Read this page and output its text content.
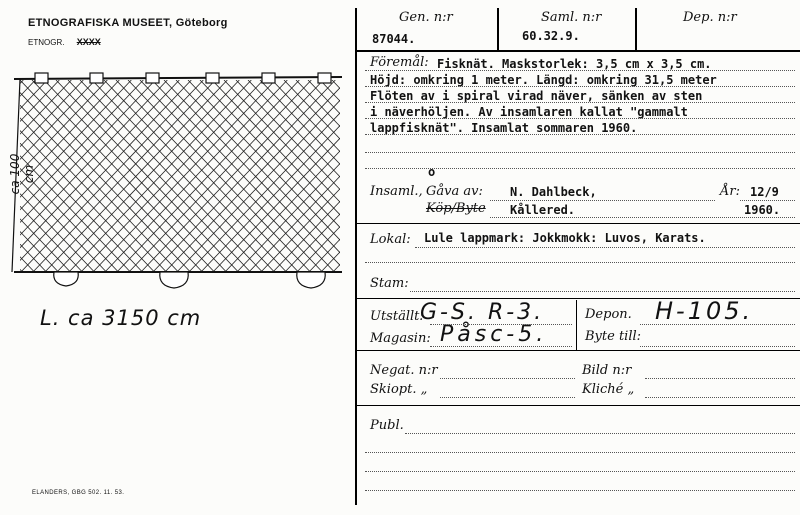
ETNOGRAFISKA MUSEET, Göteborg
ETNOGR. XXXX
ca 100 cm
L. ca 3150 cm
ELANDERS, GBG 502. 11. 53.
Gen. n:r	Saml. n:r	Dep. n:r
87044.	60.32.9.
Föremål: Fisknät. Maskstorlek: 3,5 cm x 3,5 cm.
Höjd: omkring 1 meter. Längd: omkring 31,5 meter
Flöten av i spiral virad näver, sänken av sten
i näverhöljen. Av insamlaren kallat "gammalt
lappfisknät". Insamlat sommaren 1960.
o
Insaml., Gåva av: N. Dahlbeck,	År: 12/9
Köp/Byte Kållered.	1960.
Lokal: Lule lappmark: Jokkmokk: Luvos, Karats.
Stam:
Utställt:
G-S. R-3.
Magasin: Påsc-5.
Depon. H-105.
Byte till:
Negat. n:r	Bild n:r
Skiopt. „	Kliché „
Publ.
